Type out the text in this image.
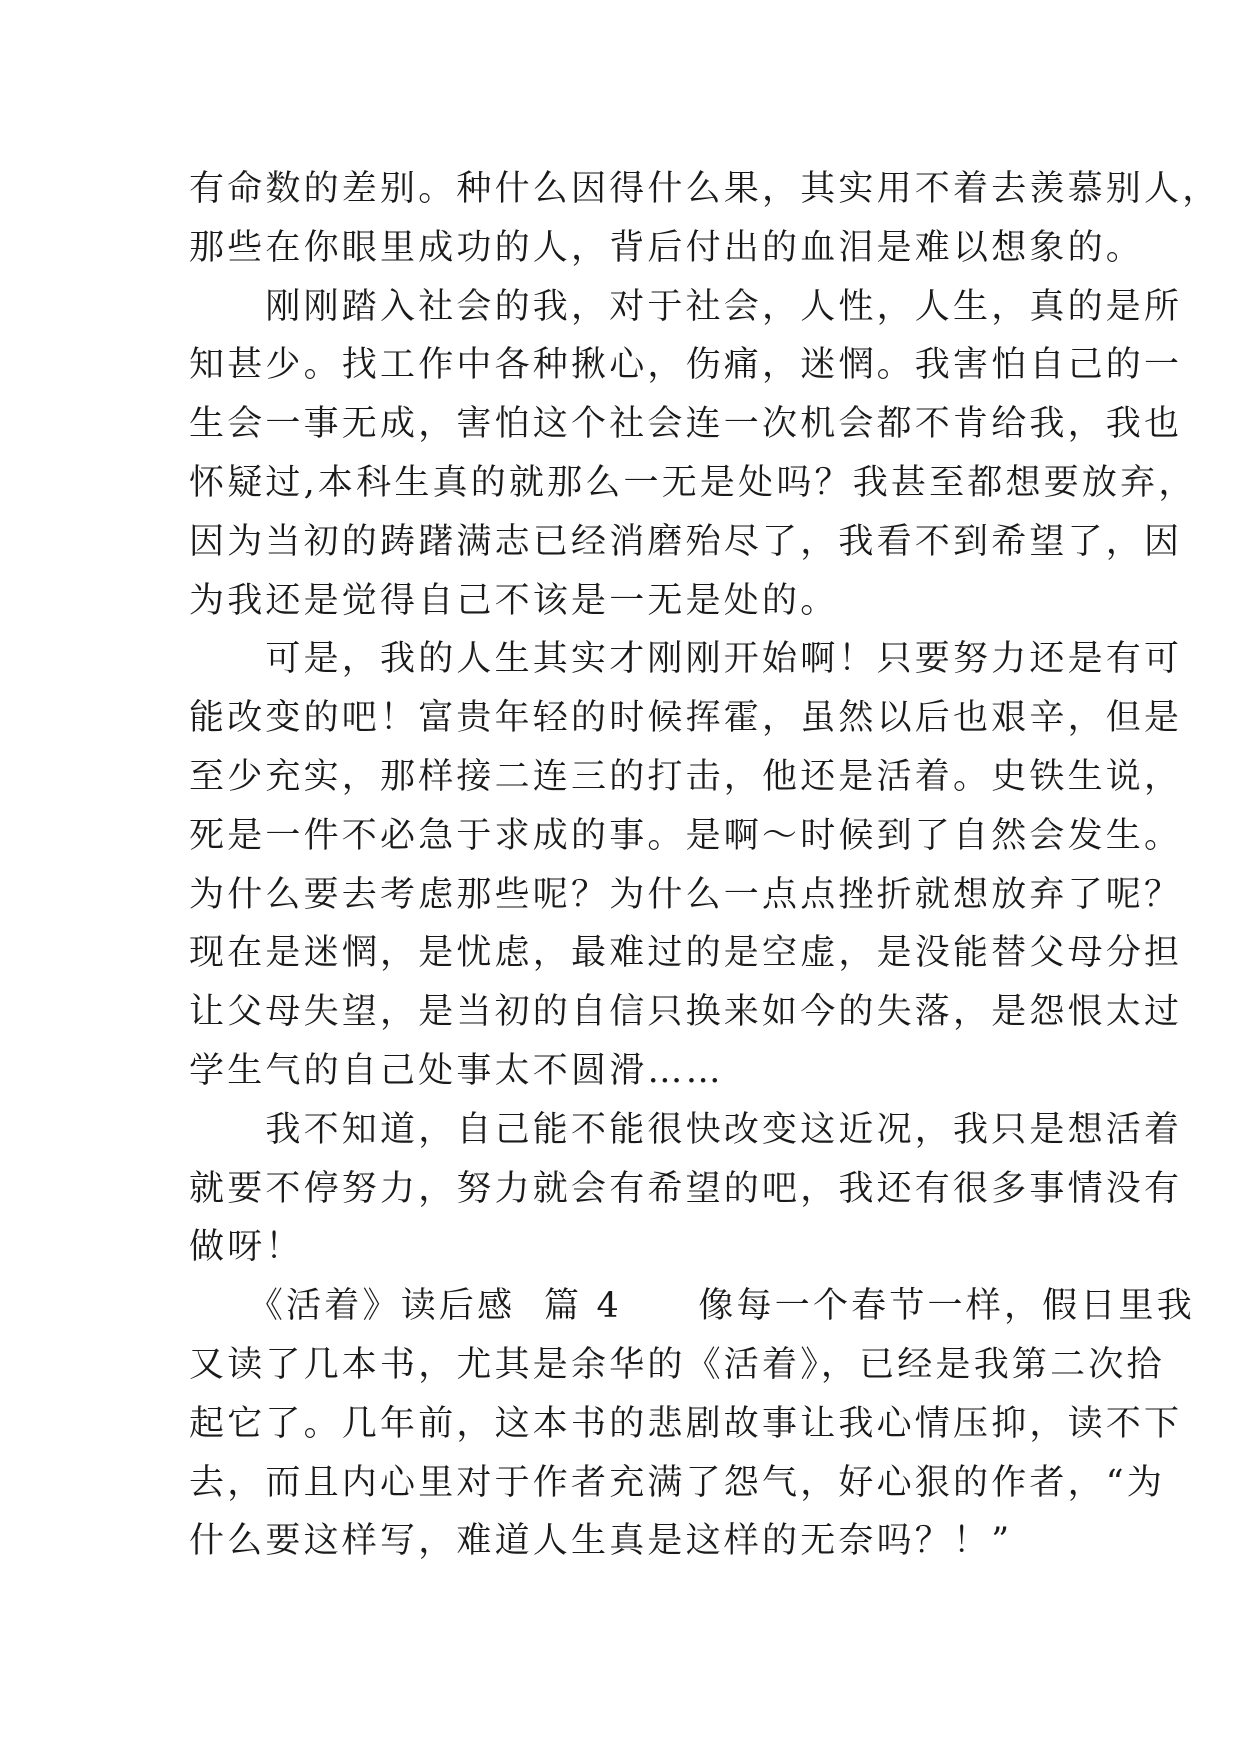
有命数的差别。种什么因得什么果，其实用不着去羡慕别人，
那些在你眼里成功的人，背后付出的血泪是难以想象的。
　　刚刚踏入社会的我，对于社会，人性，人生，真的是所
知甚少。找工作中各种揪心，伤痛，迷惘。我害怕自己的一
生会一事无成，害怕这个社会连一次机会都不肯给我，我也
怀疑过,本科生真的就那么一无是处吗？我甚至都想要放弃，
因为当初的踌躇满志已经消磨殆尽了，我看不到希望了，因
为我还是觉得自己不该是一无是处的。
　　可是，我的人生其实才刚刚开始啊！只要努力还是有可
能改变的吧！富贵年轻的时候挥霍，虽然以后也艰辛，但是
至少充实，那样接二连三的打击，他还是活着。史铁生说，
死是一件不必急于求成的事。是啊～时候到了自然会发生。
为什么要去考虑那些呢？为什么一点点挫折就想放弃了呢？
现在是迷惘，是忧虑，最难过的是空虚，是没能替父母分担
让父母失望，是当初的自信只换来如今的失落，是怨恨太过
学生气的自己处事太不圆滑……
　　我不知道，自己能不能很快改变这近况，我只是想活着
就要不停努力，努力就会有希望的吧，我还有很多事情没有
做呀！
　　《活着》读后感  篇 4　　像每一个春节一样，假日里我
又读了几本书，尤其是余华的《活着》，已经是我第二次拾
起它了。几年前，这本书的悲剧故事让我心情压抑，读不下
去，而且内心里对于作者充满了怨气，好心狠的作者，“为
什么要这样写，难道人生真是这样的无奈吗？！”
